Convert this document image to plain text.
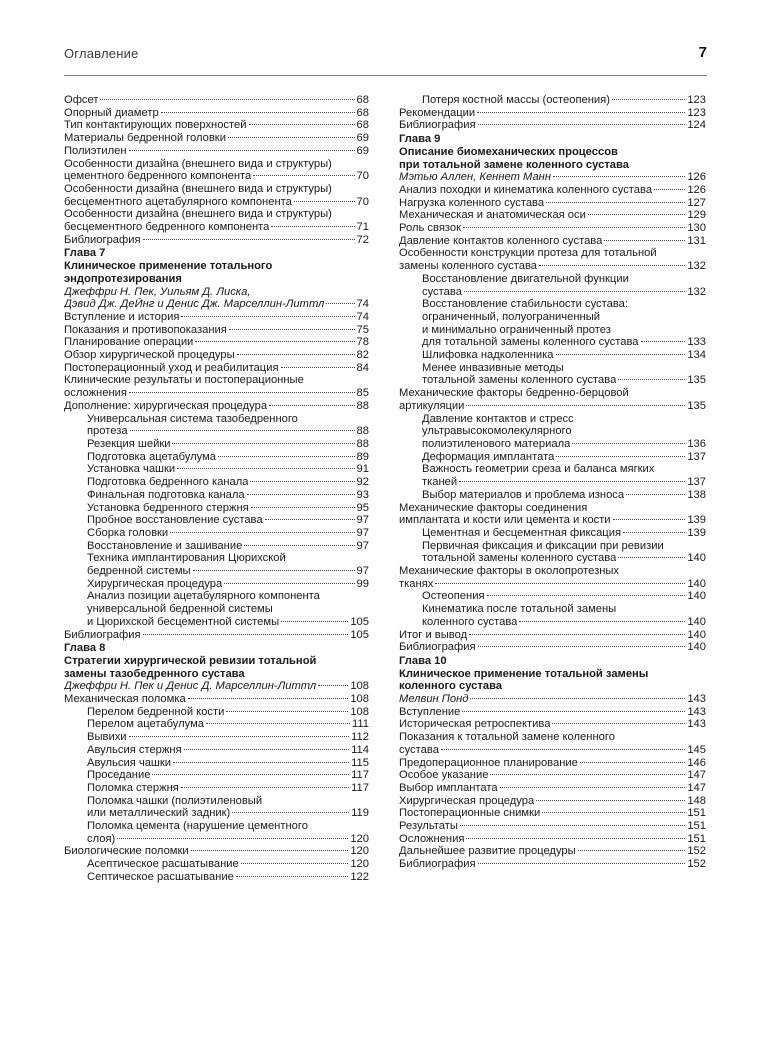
Оглавление	7
Офсет	68
Опорный диаметр	68
Тип контактирующих поверхностей	68
Материалы бедренной головки	69
Полиэтилен	69
Особенности дизайна (внешнего вида и структуры)
цементного бедренного компонента	70
Особенности дизайна (внешнего вида и структуры)
бесцементного ацетабулярного компонента	70
Особенности дизайна (внешнего вида и структуры)
бесцементного бедренного компонента	71
Библиография	72
Глава 7
Клиническое применение тотального
эндопротезирования
Джеффри Н. Пек, Уильям Д. Лиска,
Дэвид Дж. ДеЙнг и Денис Дж. Марселлин-Литтл	74
Вступление и история	74
Показания и противопоказания	75
Планирование операции	78
Обзор хирургической процедуры	82
Постоперационный уход и реабилитация	84
Клинические результаты и постоперационные
осложнения	85
Дополнение: хирургическая процедура	88
Универсальная система тазобедренного
протеза	88
Резекция шейки	88
Подготовка ацетабулума	89
Установка чашки	91
Подготовка бедренного канала	92
Финальная подготовка канала	93
Установка бедренного стержня	95
Пробное восстановление сустава	97
Сборка головки	97
Восстановление и зашивание	97
Техника имплантирования Цюрихской
бедренной системы	97
Хирургическая процедура	99
Анализ позиции ацетабулярного компонента
универсальной бедренной системы
и Цюрихской бесцементной системы	105
Библиография	105
Глава 8
Стратегии хирургической ревизии тотальной
замены тазобедренного сустава
Джеффри Н. Пек и Денис Д. Марселлин-Литтл	108
Механическая поломка	108
Перелом бедренной кости	108
Перелом ацетабулума	111
Вывихи	112
Авульсия стержня	114
Авульсия чашки	115
Проседание	117
Поломка стержня	117
Поломка чашки (полиэтиленовый
или металлический задник)	119
Поломка цемента (нарушение цементного
слоя)	120
Биологические поломки	120
Асептическое расшатывание	120
Септическое расшатывание	122
Потеря костной массы (остеопения)	123
Рекомендации	123
Библиография	124
Глава 9
Описание биомеханических процессов
при тотальной замене коленного сустава
Мэтью Аллен, Кеннет Манн	126
Анализ походки и кинематика коленного сустава	126
Нагрузка коленного сустава	127
Механическая и анатомическая оси	129
Роль связок	130
Давление контактов коленного сустава	131
Особенности конструкции протеза для тотальной
замены коленного сустава	132
Восстановление двигательной функции
сустава	132
Восстановление стабильности сустава:
ограниченный, полуограниченный
и минимально ограниченный протез
для тотальной замены коленного сустава	133
Шлифовка надколенника	134
Менее инвазивные методы
тотальной замены коленного сустава	135
Механические факторы бедренно-берцовой
артикуляции	135
Давление контактов и стресс
ультравысокомолекулярного
полиэтиленового материала	136
Деформация имплантата	137
Важность геометрии среза и баланса мягких
тканей	137
Выбор материалов и проблема износа	138
Механические факторы соединения
имплантата и кости или цемента и кости	139
Цементная и бесцементная фиксация	139
Первичная фиксация и фиксации при ревизии
тотальной замены коленного сустава	140
Механические факторы в околопротезных
тканях	140
Остеопения	140
Кинематика после тотальной замены
коленного сустава	140
Итог и вывод	140
Библиография	140
Глава 10
Клиническое применение тотальной замены
коленного сустава
Мелвин Понд	143
Вступление	143
Историческая ретроспектива	143
Показания к тотальной замене коленного
сустава	145
Предоперационное планирование	146
Особое указание	147
Выбор имплантата	147
Хирургическая процедура	148
Постоперационные снимки	151
Результаты	151
Осложнения	151
Дальнейшее развитие процедуры	152
Библиография	152
